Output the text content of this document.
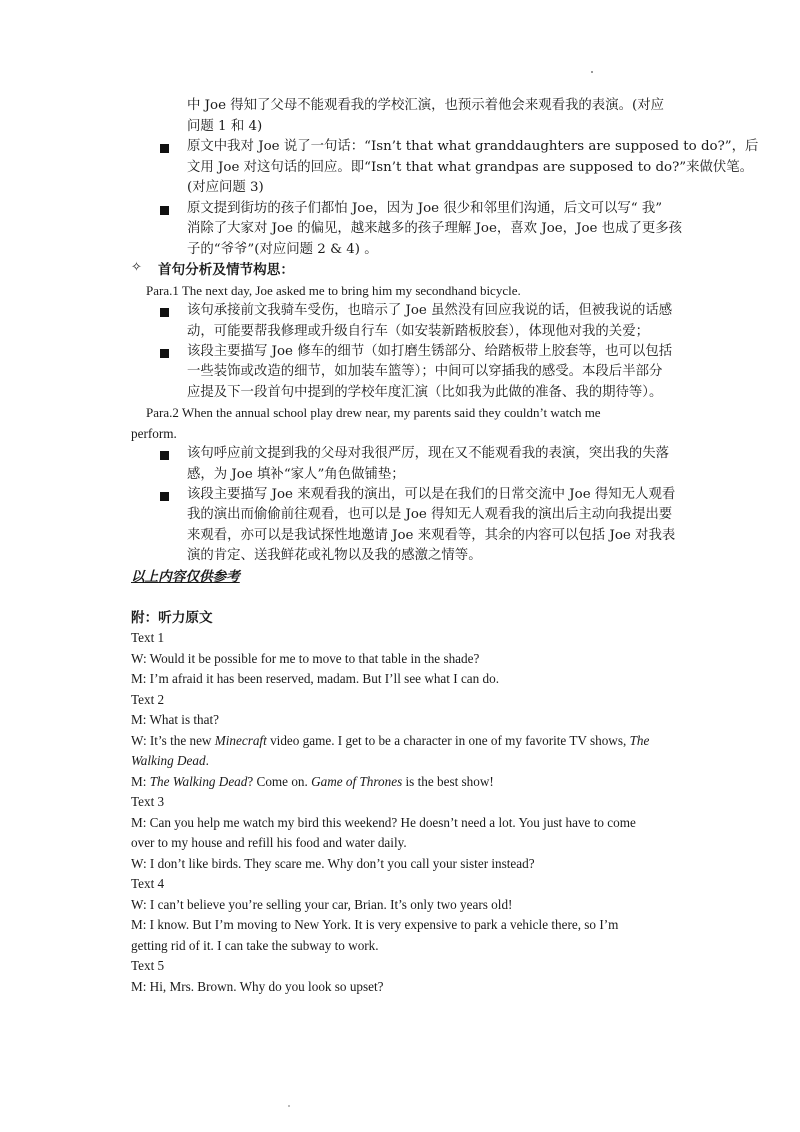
中 Joe 得知了父母不能观看我的学校汇演，也预示着他会来观看我的表演。(对应
问题 1 和 4)
原文中我对 Joe 说了一句话：“Isn’t that what granddaughters are supposed to do?”，后
文用 Joe 对这句话的回应。即“Isn’t that what grandpas are supposed to do?”来做伏笔。
(对应问题 3)
原文提到街坊的孩子们都怕 Joe，因为 Joe 很少和邻里们沟通，后文可以写“ 我”
消除了大家对 Joe 的偏见，越来越多的孩子理解 Joe，喜欢 Joe，Joe 也成了更多孩
子的“爷爷”(对应问题 2 & 4) 。
✧ 首句分析及情节构思：
Para.1 The next day, Joe asked me to bring him my secondhand bicycle.
该句承接前文我骑车受伤，也暗示了 Joe 虽然没有回应我说的话，但被我说的话感
动，可能要帮我修理或升级自行车（如安装新踏板胶套），体现他对我的关爱；
该段主要描写 Joe 修车的细节（如打磨生锈部分、给踏板带上胶套等，也可以包括
一些装饰或改造的细节，如加装车篮等）；中间可以穿插我的感受。本段后半部分
应提及下一段首句中提到的学校年度汇演（比如我为此做的准备、我的期待等）。
Para.2 When the annual school play drew near, my parents said they couldn’t watch me
perform.
该句呼应前文提到我的父母对我很严厉，现在又不能观看我的表演，突出我的失落
感，为 Joe 填补“家人”角色做铺垫；
该段主要描写 Joe 来观看我的演出，可以是在我们的日常交流中 Joe 得知无人观看
我的演出而偷偷前往观看，也可以是 Joe 得知无人观看我的演出后主动向我提出要
来观看，亦可以是我试探性地邀请 Joe 来观看等，其余的内容可以包括 Joe 对我表
演的肯定、送我鲜花或礼物以及我的感激之情等。
以上内容仅供参考
附：听力原文
Text 1
W: Would it be possible for me to move to that table in the shade?
M: I’m afraid it has been reserved, madam. But I’ll see what I can do.
Text 2
M: What is that?
W: It’s the new Minecraft video game. I get to be a character in one of my favorite TV shows, The
Walking Dead.
M: The Walking Dead? Come on. Game of Thrones is the best show!
Text 3
M: Can you help me watch my bird this weekend? He doesn’t need a lot. You just have to come
over to my house and refill his food and water daily.
W: I don’t like birds. They scare me. Why don’t you call your sister instead?
Text 4
W: I can’t believe you’re selling your car, Brian. It’s only two years old!
M: I know. But I’m moving to New York. It is very expensive to park a vehicle there, so I’m
getting rid of it. I can take the subway to work.
Text 5
M: Hi, Mrs. Brown. Why do you look so upset?
